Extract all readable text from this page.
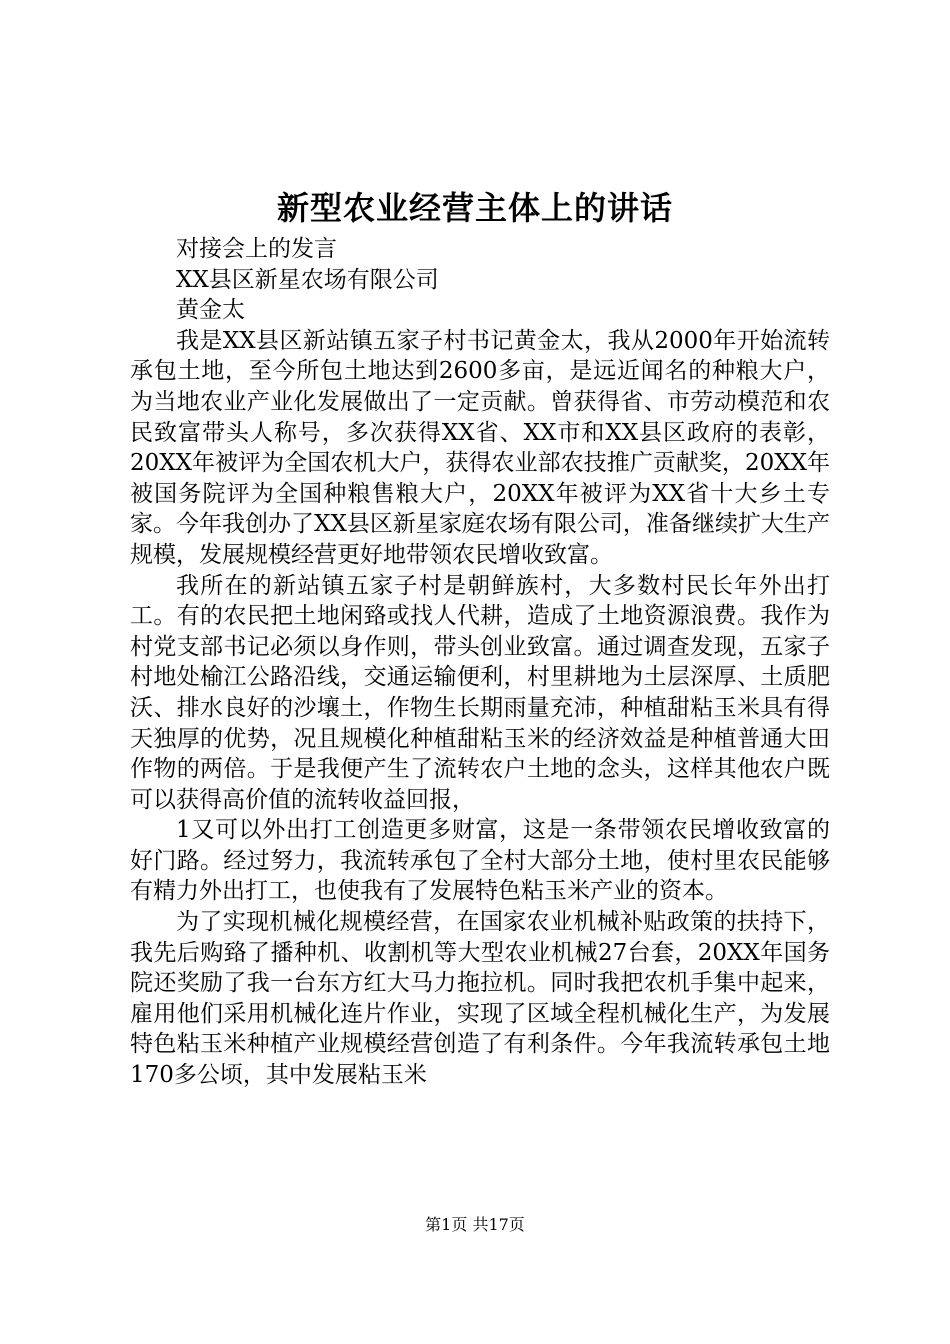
新型农业经营主体上的讲话

对接会上的发言

XX县区新星农场有限公司

黄金太

我是XX县区新站镇五家子村书记黄金太，我从2000年开始流转承包土地，至今所包土地达到2600多亩，是远近闻名的种粮大户，为当地农业产业化发展做出了一定贡献。曾获得省、市劳动模范和农民致富带头人称号，多次获得XX省、XX市和XX县区政府的表彰，20XX年被评为全国农机大户，获得农业部农技推广贡献奖，20XX年被国务院评为全国种粮售粮大户，20XX年被评为XX省十大乡土专家。今年我创办了XX县区新星家庭农场有限公司，准备继续扩大生产规模，发展规模经营更好地带领农民增收致富。

我所在的新站镇五家子村是朝鲜族村，大多数村民长年外出打工。有的农民把土地闲臵或找人代耕，造成了土地资源浪费。我作为村党支部书记必须以身作则，带头创业致富。通过调查发现，五家子村地处榆江公路沿线，交通运输便利，村里耕地为土层深厚、土质肥沃、排水良好的沙壤土，作物生长期雨量充沛，种植甜粘玉米具有得天独厚的优势，况且规模化种植甜粘玉米的经济效益是种植普通大田作物的两倍。于是我便产生了流转农户土地的念头，这样其他农户既可以获得高价值的流转收益回报，

1又可以外出打工创造更多财富，这是一条带领农民增收致富的好门路。经过努力，我流转承包了全村大部分土地，使村里农民能够有精力外出打工，也使我有了发展特色粘玉米产业的资本。

为了实现机械化规模经营，在国家农业机械补贴政策的扶持下，我先后购臵了播种机、收割机等大型农业机械27台套，20XX年国务院还奖励了我一台东方红大马力拖拉机。同时我把农机手集中起来，雇用他们采用机械化连片作业，实现了区域全程机械化生产，为发展特色粘玉米种植产业规模经营创造了有利条件。今年我流转承包土地170多公顷，其中发展粘玉米

第1页 共17页
